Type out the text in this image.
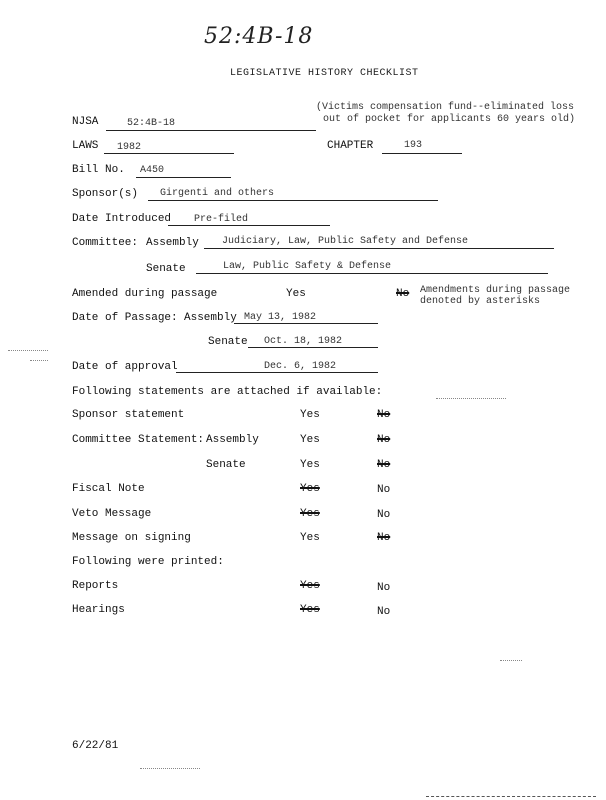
52:4B-18
LEGISLATIVE HISTORY CHECKLIST
NJSA	52:4B-18
(Victims compensation fund--eliminated loss
out of pocket for applicants 60 years old)
LAWS 1982	CHAPTER	193
Bill No. A450
Sponsor(s) Girgenti and others
Date Introduced Pre-filed
Committee: Assembly Judiciary, Law, Public Safety and Defense
Senate	Law, Public Safety & Defense
Amended during passage	Yes	No Amendments during passage
denoted by asterisks
Date of Passage: Assembly May 13, 1982
Senate Oct. 18, 1982
Date of approval	Dec. 6, 1982
Following statements are attached if available:
Sponsor statement	Yes	No
Committee Statement: Assembly	Yes	No
Senate	Yes	No
Fiscal Note	Yes	No
Veto Message	Yes	No
Message on signing	Yes	No
Following were printed:
Reports	Yes	No
Hearings	Yes	No
6/22/81
